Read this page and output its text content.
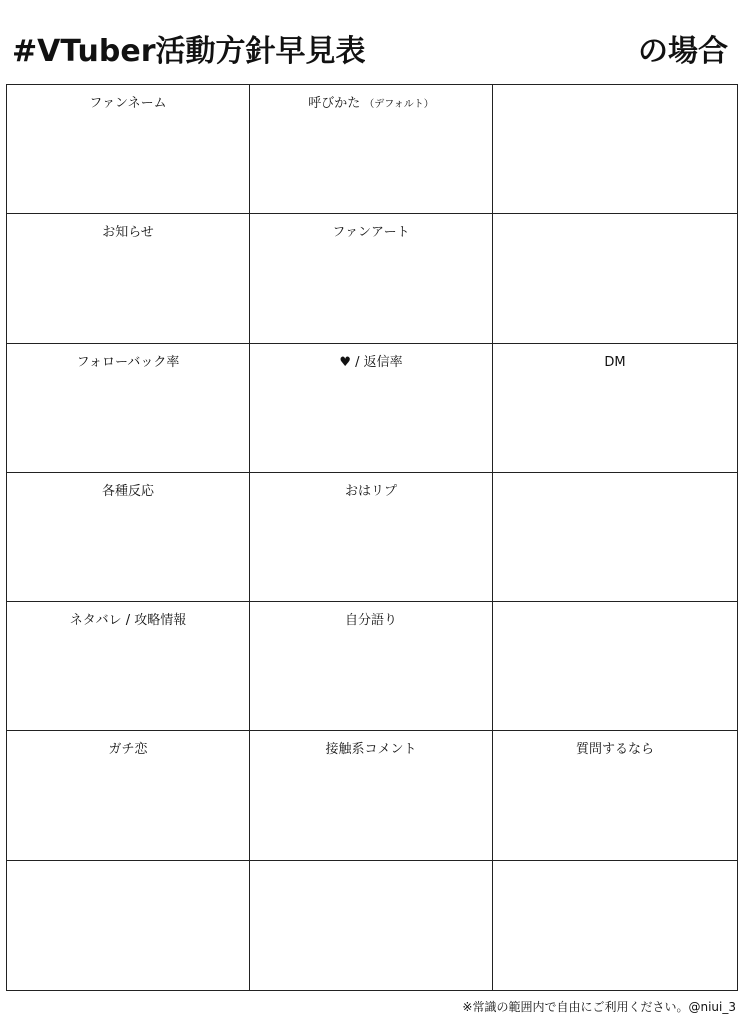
#VTuber活動方針早見表	の場合
ファンネーム	呼びかた （デフォルト）
お知らせ	ファンアート
フォローバック率	♥ / 返信率	DM
各種反応	おはリプ
ネタバレ / 攻略情報	自分語り
ガチ恋	接触系コメント	質問するなら
※常識の範囲内で自由にご利用ください。@niui_3
